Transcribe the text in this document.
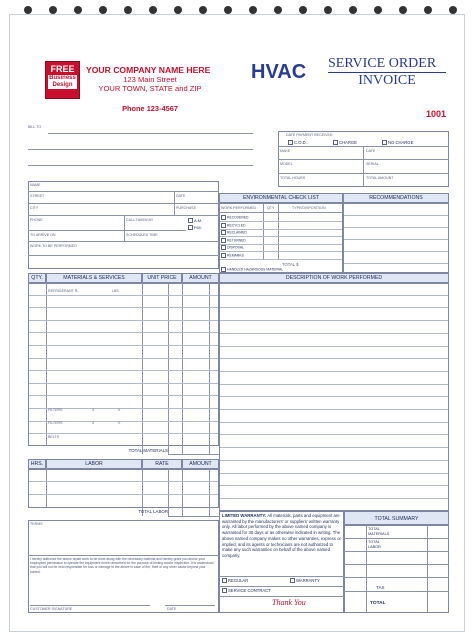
FREE
Business
Design
YOUR COMPANY NAME HERE
123 Main Street
YOUR TOWN, STATE and ZIP
Phone 123-4567
HVAC SERVICE ORDER
INVOICE
1001
BILL TO
DATE PAYMENT RECEIVED
C.O.D.	CHARGE	NO CHARGE
MAKE	DATE
MODEL	SERIAL
TOTAL HOURS	TOTAL AMOUNT
NAME
STREET	DATE
CITY	PURCHASE
PHONE	CALL TAKEN BY	A.M.
P.M.
TO ARRIVE ON	SCHEDULED TIME
WORK TO BE PERFORMED
ENVIRONMENTAL CHECK LIST
WORK PERFORMED	QTY	TYPE/DISPOSITION
RECOVERED
RECYCLED
RECLAIMED
RETURNED
DISPOSAL
REMARKS
TOTAL $
HANDLED HAZARDOUS MATERIAL
RECOMMENDATIONS
QTY.	MATERIALS & SERVICES	UNIT PRICE	AMOUNT	DESCRIPTION OF WORK PERFORMED
REFRIGERANT R-	LBS.
FILTERS	X	X
FILTERS	X	X
BELTS
TOTAL MATERIALS
HRS.	LABOR	RATE	AMOUNT
TOTAL LABOR
TERMS
I hereby authorize the above repair work to be done along with the necessary material and hereby grant you and/or your employees permission to operate the equipment herein described for the purpose of testing and/or inspection. It is understood that you will not be held responsible for loss or damage to the above in case of fire, theft or any other cause beyond your control.
CUSTOMER SIGNATURE	DATE
LIMITED WARRANTY: All materials, parts and equipment are warranted by the manufacturers' or suppliers' written warranty only. All labor performed by the above named company is warranted for 30 days or as otherwise indicated in writing. The above named company makes no other warranties, express or implied, and its agents or technicians are not authorized to make any such warranties on behalf of the above named company.
REGULAR	WARRANTY
SERVICE CONTRACT
Thank You
TOTAL SUMMARY
TOTAL MATERIALS
TOTAL LABOR
TAX
TOTAL
